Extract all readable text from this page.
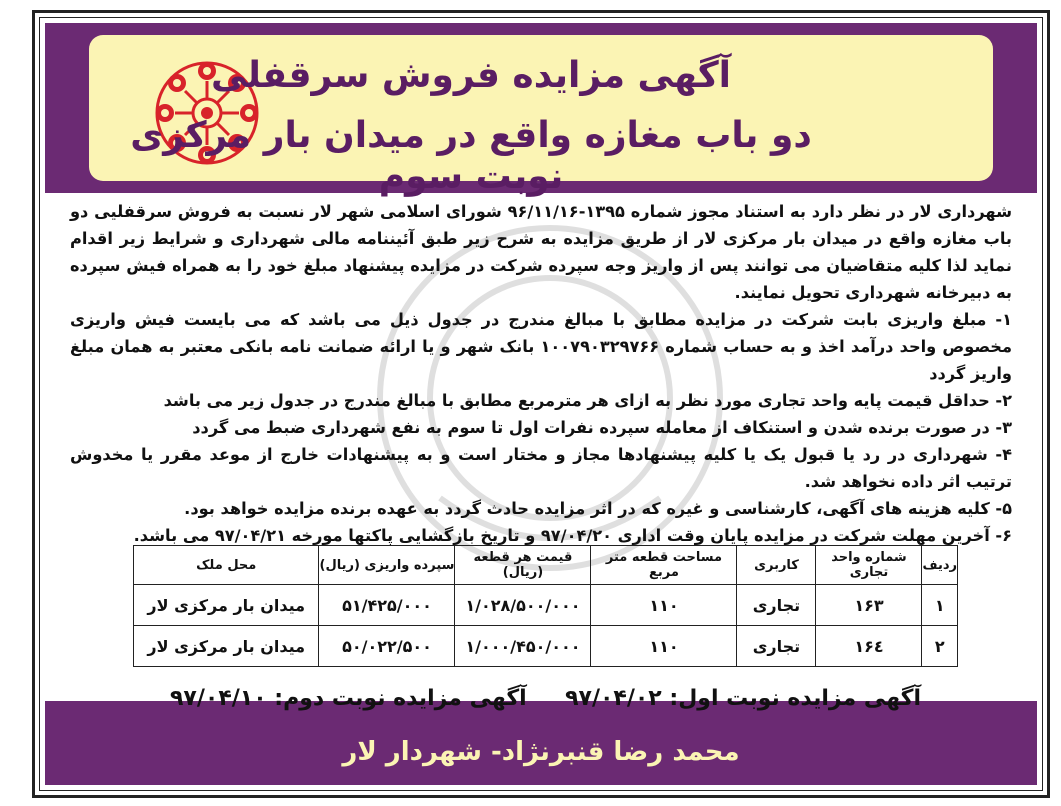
آگهی مزایده فروش سرقفلی
دو باب مغازه واقع در میدان بار مرکزی نوبت سوم

شهرداری لار در نظر دارد به استناد مجوز شماره ۱۳۹۵-۹۶/۱۱/۱۶ شورای اسلامی شهر لار نسبت به فروش سرقفلیی دو باب مغازه واقع در میدان بار مرکزی لار از طریق مزایده به شرح زیر طبق آئیننامه مالی شهرداری و شرایط زیر اقدام نماید لذا کلیه متقاضیان می توانند پس از واریز وجه سپرده شرکت در مزایده پیشنهاد مبلغ خود را به همراه فیش سپرده به دبیرخانه شهرداری تحویل نمایند.

۱- مبلغ واریزی بابت شرکت در مزایده مطابق با مبالغ مندرج در جدول ذیل می باشد که می بایست فیش واریزی مخصوص واحد درآمد اخذ و به حساب شماره ۱۰۰۷۹۰۳۲۹۷۶۶ بانک شهر و یا ارائه ضمانت نامه بانکی معتبر به همان مبلغ واریز گردد

۲- حداقل قیمت پایه واحد تجاری مورد نظر به ازای هر مترمربع مطابق با مبالغ مندرج در جدول زیر می باشد

۳- در صورت برنده شدن و استنکاف از معامله سپرده نفرات اول تا سوم به نفع شهرداری ضبط می گردد

۴- شهرداری در رد یا قبول یک یا کلیه پیشنهادها مجاز و مختار است و به پیشنهادات خارج از موعد مقرر یا مخدوش ترتیب اثر داده نخواهد شد.

۵- کلیه هزینه های آگهی، کارشناسی و غیره که در اثر مزایده حادث گردد به عهده برنده مزایده خواهد بود.

۶- آخرین مهلت شرکت در مزایده پایان وقت اداری ۹۷/۰۴/۲۰ و تاریخ بازگشایی پاکتها مورخه ۹۷/۰۴/۲۱ می باشد.

محمد رضا قنبرنژاد- شهردار لار
ردیف	شماره واحد تجاری	کاربری	مساحت قطعه متر مربع	قیمت هر قطعه (ریال)	سپرده واریزی (ریال)	محل ملک
۱	۱۶۳	تجاری	۱۱۰	۱/۰۲۸/۵۰۰/۰۰۰	۵۱/۴۲۵/۰۰۰	میدان بار مرکزی لار
۲	۱۶٤	تجاری	۱۱۰	۱/۰۰۰/۴۵۰/۰۰۰	۵۰/۰۲۲/۵۰۰	میدان بار مرکزی لار
آگهی مزایده نوبت اول: ۹۷/۰۴/۰۲
آگهی مزایده نوبت دوم: ۹۷/۰۴/۱۰
